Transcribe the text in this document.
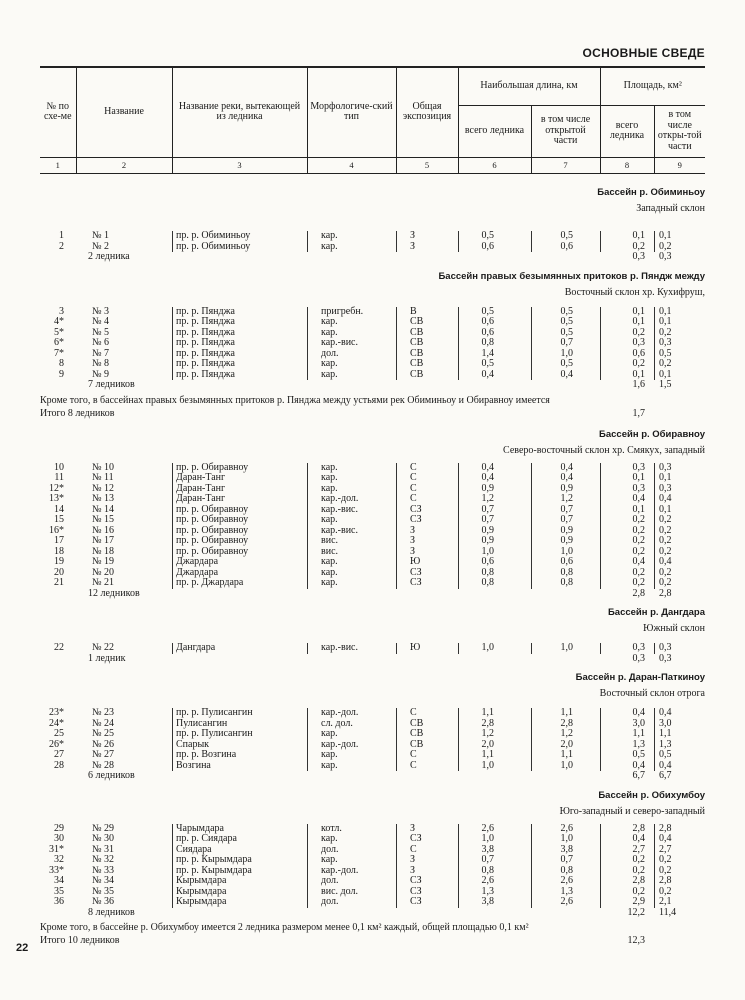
ОСНОВНЫЕ СВЕДЕ
№ по схе-ме	Название	Название реки, вытекающей из ледника	Морфологиче-ский тип	Общая экспозиция	Наибольшая длина, км		Площадь, км²	
					всего ледника	в том числе открытой части	всего ледника	в том числе откры-той части
1	2	3	4	5	6	7	8	9
Бассейн р. Обиминьоу
Западный склон
1	№ 1	пр. р. Обиминьоу	кар.	З	0,5	0,5	0,1 0,1
2	№ 2	пр. р. Обиминьоу	кар.	З	0,6	0,6	0,2 0,2
2 ледника	0,3 0,3
Бассейн правых безымянных притоков р. Пяндж между
Восточный склон хр. Кухифруш,
3	№ 3	пр. р. Пянджа	пригребн.	В	0,5	0,5	0,1 0,1
4*	№ 4	пр. р. Пянджа	кар.	СВ	0,6	0,5	0,1 0,1
5*	№ 5	пр. р. Пянджа	кар.	СВ	0,6	0,5	0,2 0,2
6*	№ 6	пр. р. Пянджа	кар.-вис.	СВ	0,8	0,7	0,3 0,3
7*	№ 7	пр. р. Пянджа	дол.	СВ	1,4	1,0	0,6 0,5
8	№ 8	пр. р. Пянджа	кар.	СВ	0,5	0,5	0,2 0,2
9	№ 9	пр. р. Пянджа	кар.	СВ	0,4	0,4	0,1 0,1
7 ледников	1,6 1,5
Кроме того, в бассейнах правых безымянных притоков р. Пянджа между устьями рек Обиминьоу и Обиравноу имеется
Итого 8 ледников	1,7
Бассейн р. Обиравноу
Северо-восточный склон хр. Смякух, западный
10	№ 10	пр. р. Обиравноу	кар.	С	0,4	0,4	0,3 0,3
11	№ 11	Даран-Танг	кар.	С	0,4	0,4	0,1 0,1
12*	№ 12	Даран-Танг	кар.	С	0,9	0,9	0,3 0,3
13*	№ 13	Даран-Танг	кар.-дол.	С	1,2	1,2	0,4 0,4
14	№ 14	пр. р. Обиравноу	кар.-вис.	СЗ	0,7	0,7	0,1 0,1
15	№ 15	пр. р. Обиравноу	кар.	СЗ	0,7	0,7	0,2 0,2
16*	№ 16	пр. р. Обиравноу	кар.-вис.	З	0,9	0,9	0,2 0,2
17	№ 17	пр. р. Обиравноу	вис.	З	0,9	0,9	0,2 0,2
18	№ 18	пр. р. Обиравноу	вис.	З	1,0	1,0	0,2 0,2
19	№ 19	Джардара	кар.	Ю	0,6	0,6	0,4 0,4
20	№ 20	Джардара	кар.	СЗ	0,8	0,8	0,2 0,2
21	№ 21	пр. р. Джардара	кар.	СЗ	0,8	0,8	0,2 0,2
12 ледников	2,8 2,8
Бассейн р. Дангдара
Южный склон
22	№ 22	Дангдара	кар.-вис.	Ю	1,0	1,0	0,3 0,3
1 ледник	0,3 0,3
Бассейн р. Даран-Паткиноу
Восточный склон отрога
23*	№ 23	пр. р. Пулисангин	кар.-дол.	С	1,1	1,1	0,4 0,4
24*	№ 24	Пулисангин	сл. дол.	СВ	2,8	2,8	3,0 3,0
25	№ 25	пр. р. Пулисангин	кар.	СВ	1,2	1,2	1,1 1,1
26*	№ 26	Спарык	кар.-дол.	СВ	2,0	2,0	1,3 1,3
27	№ 27	пр. р. Возгина	кар.	С	1,1	1,1	0,5 0,5
28	№ 28	Возгина	кар.	С	1,0	1,0	0,4 0,4
6 ледников	6,7 6,7
Бассейн р. Обихумбоу
Юго-западный и северо-западный
29	№ 29	Чарымдара	котл.	З	2,6	2,6	2,8 2,8
30	№ 30	пр. р. Сиядара	кар.	СЗ	1,0	1,0	0,4 0,4
31*	№ 31	Сиядара	дол.	С	3,8	3,8	2,7 2,7
32	№ 32	пр. р. Кырымдара	кар.	З	0,7	0,7	0,2 0,2
33*	№ 33	пр. р. Кырымдара	кар.-дол.	З	0,8	0,8	0,2 0,2
34	№ 34	Кырымдара	дол.	СЗ	2,6	2,6	2,8 2,8
35	№ 35	Кырымдара	вис. дол.	СЗ	1,3	1,3	0,2 0,2
36	№ 36	Кырымдара	дол.	СЗ	3,8	2,6	2,9 2,1
8 ледников	12,2 11,4
Кроме того, в бассейне р. Обихумбоу имеется 2 ледника размером менее 0,1 км² каждый, общей площадью 0,1 км²
Итого 10 ледников	12,3
22
